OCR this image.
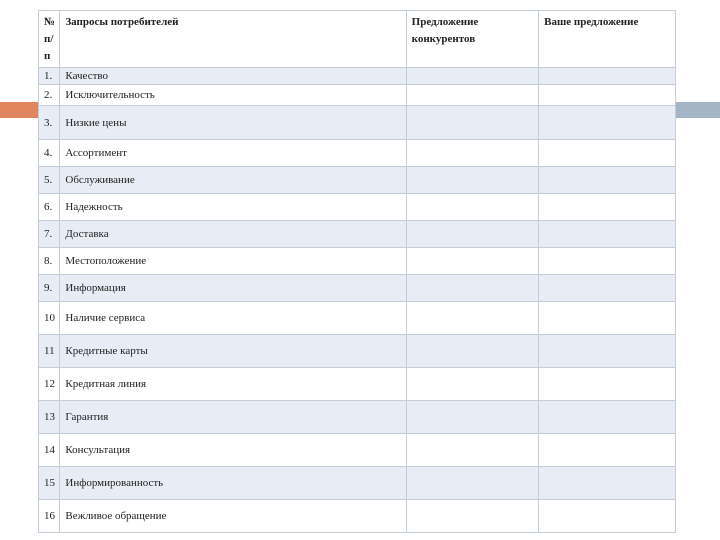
№ п/п	Запросы потребителей	Предложение конкурентов	Ваше предложение
1.	Качество		
2.	Исключительность		
3.	Низкие цены		
4.	Ассортимент		
5.	Обслуживание		
6.	Надежность		
7.	Доставка		
8.	Местоположение		
9.	Информация		
10	Наличие сервиса		
11	Кредитные карты		
12	Кредитная линия		
13	Гарантия		
14	Консультация		
15	Информированность		
16	Вежливое обращение		
